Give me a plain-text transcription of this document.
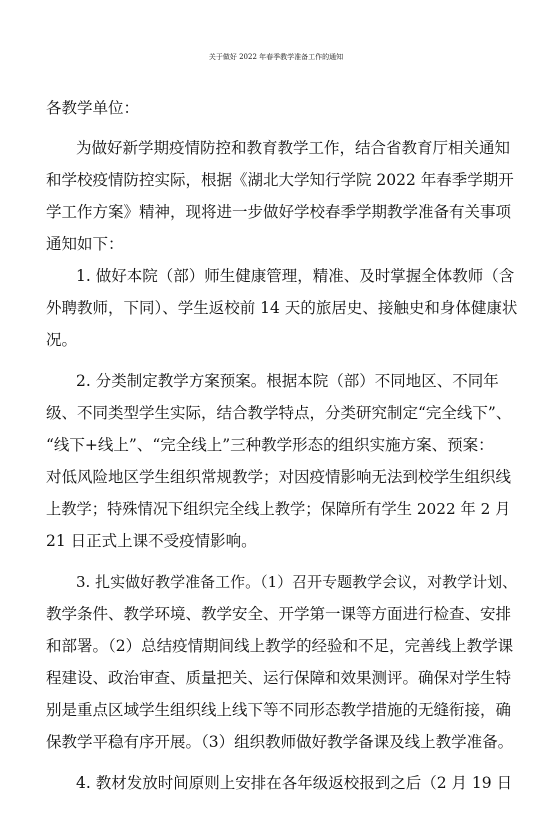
关于做好 2022 年春季教学准备工作的通知
各教学单位：
为做好新学期疫情防控和教育教学工作，结合省教育厅相关通知
和学校疫情防控实际，根据《湖北大学知行学院 2022 年春季学期开
学工作方案》精神，现将进一步做好学校春季学期教学准备有关事项
通知如下：
1. 做好本院（部）师生健康管理，精准、及时掌握全体教师（含
外聘教师，下同）、学生返校前 14 天的旅居史、接触史和身体健康状
况。
2. 分类制定教学方案预案。根据本院（部）不同地区、不同年
级、不同类型学生实际，结合教学特点，分类研究制定“完全线下”、
“线下+线上”、“完全线上”三种教学形态的组织实施方案、预案：
对低风险地区学生组织常规教学；对因疫情影响无法到校学生组织线
上教学；特殊情况下组织完全线上教学；保障所有学生 2022 年 2 月
21 日正式上课不受疫情影响。
3. 扎实做好教学准备工作。（1）召开专题教学会议，对教学计划、
教学条件、教学环境、教学安全、开学第一课等方面进行检查、安排
和部署。（2）总结疫情期间线上教学的经验和不足，完善线上教学课
程建设、政治审查、质量把关、运行保障和效果测评。确保对学生特
别是重点区域学生组织线上线下等不同形态教学措施的无缝衔接，确
保教学平稳有序开展。（3）组织教师做好教学备课及线上教学准备。
4. 教材发放时间原则上安排在各年级返校报到之后（2 月 19 日
